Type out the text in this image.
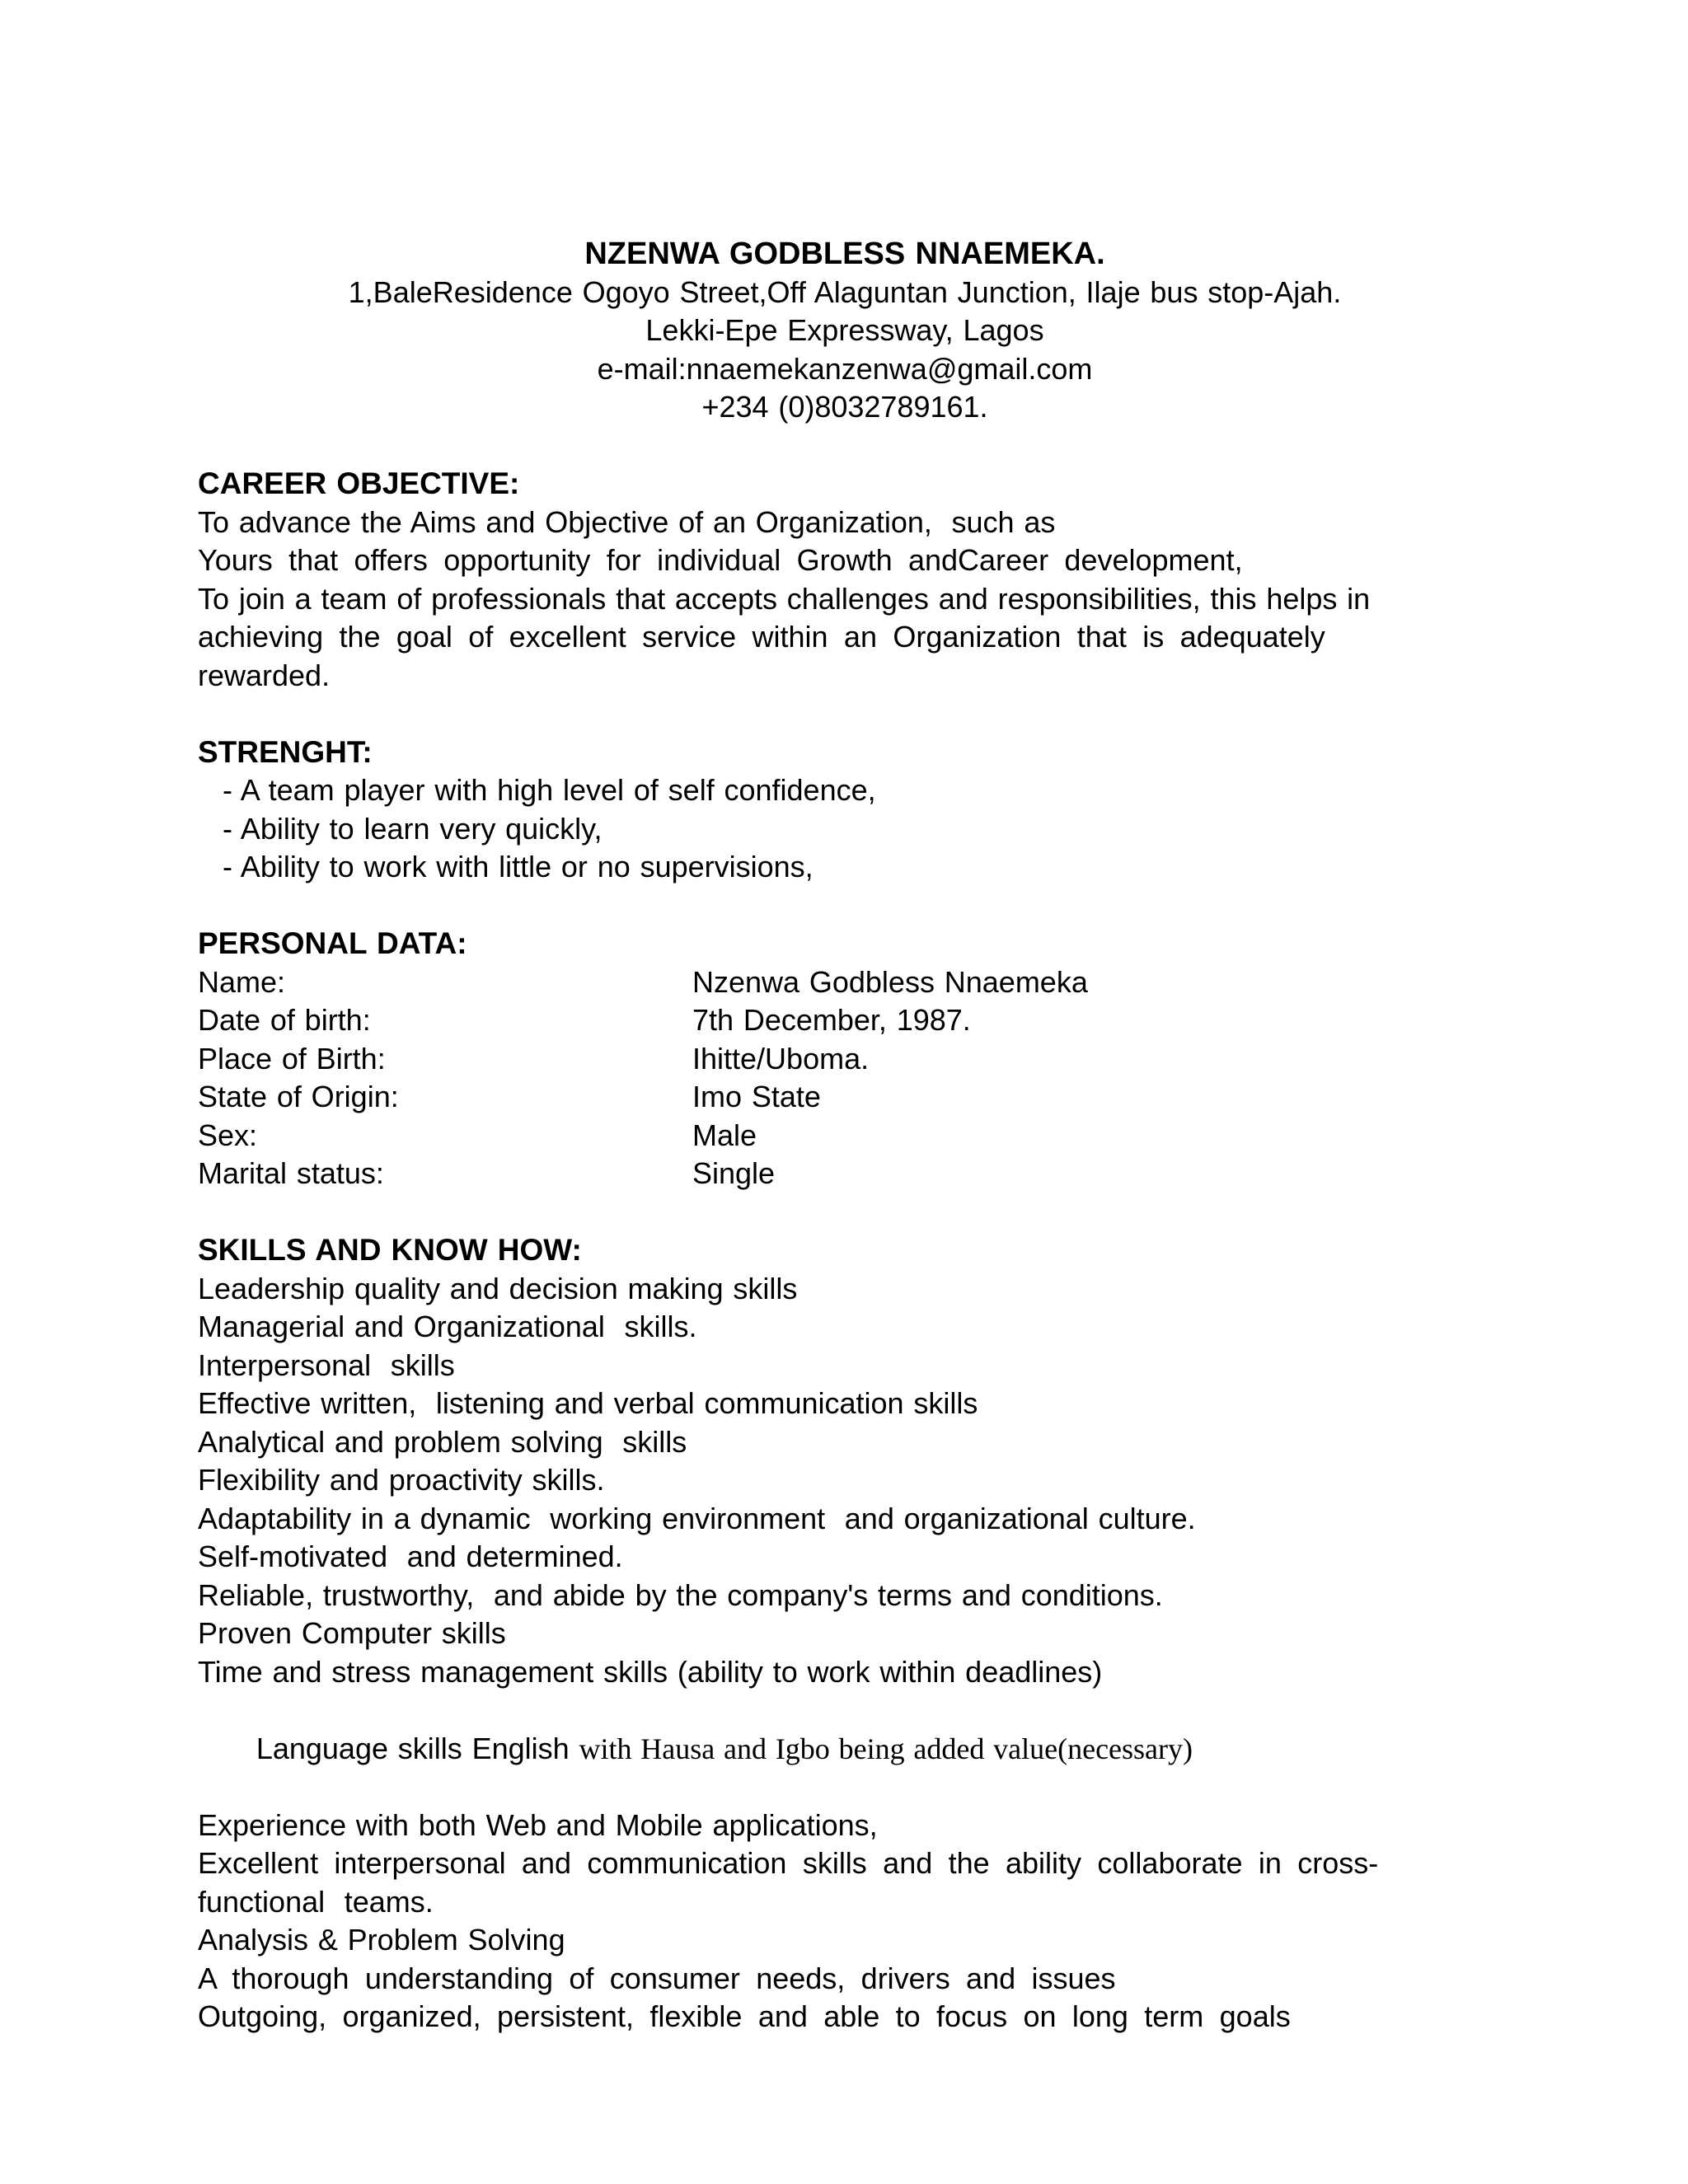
NZENWA GODBLESS NNAEMEKA.
1,BaleResidence Ogoyo Street,Off Alaguntan Junction, Ilaje bus stop-Ajah.
Lekki-Epe Expressway, Lagos
e-mail:nnaemekanzenwa@gmail.com
+234 (0)8032789161.
CAREER OBJECTIVE:
To advance the Aims and Objective of an Organization,  such as
Yours that offers opportunity for individual Growth andCareer development,
To join a team of professionals that accepts challenges and responsibilities, this helps in
achieving the goal of excellent service within an Organization that is adequately
rewarded.
STRENGHT:
- A team player with high level of self confidence,
- Ability to learn very quickly,
- Ability to work with little or no supervisions,
PERSONAL DATA:
Name:	Nzenwa Godbless Nnaemeka
Date of birth:	7th December, 1987.
Place of Birth:	Ihitte/Uboma.
State of Origin:	Imo State
Sex:	Male
Marital status:	Single
SKILLS AND KNOW HOW:
Leadership quality and decision making skills
Managerial and Organizational  skills.
Interpersonal  skills
Effective written,  listening and verbal communication skills
Analytical and problem solving  skills
Flexibility and proactivity skills.
Adaptability in a dynamic  working environment  and organizational culture.
Self-motivated  and determined.
Reliable, trustworthy,  and abide by the company's terms and conditions.
Proven Computer skills
Time and stress management skills (ability to work within deadlines)

Language skills English with Hausa and Igbo being added value(necessary)

Experience with both Web and Mobile applications,
Excellent interpersonal and communication skills and the ability collaborate in cross-
functional  teams.
Analysis & Problem Solving
A thorough understanding of consumer needs, drivers and issues
Outgoing, organized, persistent, flexible and able to focus on long term goals
